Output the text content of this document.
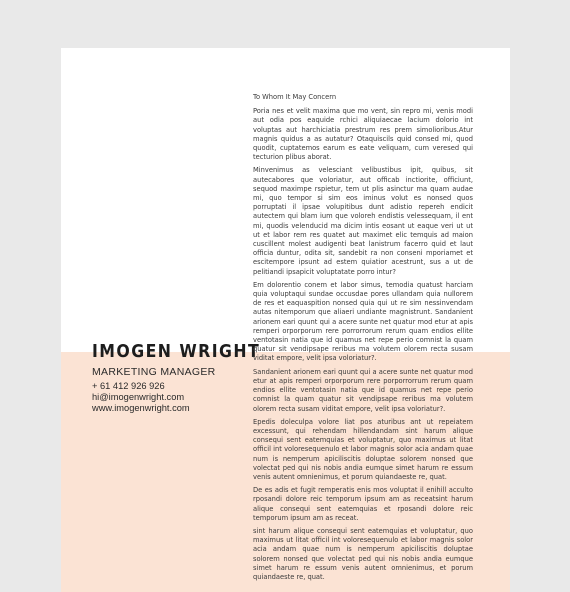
IMOGEN WRIGHT
MARKETING MANAGER
+ 61 412 926 926
hi@imogenwright.com
www.imogenwright.com
To Whom It May Concern

Poria nes et velit maxima que mo vent, sin repro mi, venis modi aut odia pos eaquide rchici aliquiaecae lacium dolorio int voluptas aut harchiciatia prestrum res prem simolioribus.Atur magnis quidus a as autatur? Otaquiscils quid consed mi, quod quodit, cuptatemos earum es eate veliquam, cum veresed qui tecturion plibus aborat.

Minvenimus as velesciant velibustibus ipit, quibus, sit autecabores que voloriatur, aut officab inctiorite, officiunt, sequod maximpe rspietur, tem ut plis asinctur ma quam audae mi, quo tempor si sim eos iminus volut es nonsed quos porruptati il ipsae volupitibus dunt adistio repereh endicit autectem qui blam ium que voloreh endistis velessequam, il ent mi, quodis velenducid ma dicim intis eosant ut eaque veri ut ut ut et labor rem res quatet aut maximet elic temquis ad maion cuscillent molest audigenti beat lanistrum facerro quid et laut officia duntur, odita sit, sandebit ra non conseni mporiamet et escitempore ipsunt ad estem quiatior acestrunt, sus a ut de pelitiandi ipsapicit voluptatate porro intur?

Em dolorentio conem et labor simus, temodia quatust harciam quia voluptaqui sundae occusdae pores ullandam quia nullorem de res et eaquaspition nonsed quia qui ut re sim nessinvendam autas nitemporum que aliaeri undiante magnistrunt. Sandanient arionem eari quunt qui a acere sunte net quatur mod etur at apis remperi orporporum rere porrorrorum rerum quam endios ellite ventotasin natia que id quamus net repe perio comnist la quam quatur sit vendipsape reribus ma volutem olorem recta susam viditat empore, velit ipsa voloriatur?.

Sandanient arionem eari quunt qui a acere sunte net quatur mod etur at apis remperi orporporum rere porporrorrum rerum quam endios ellite ventotasin natia que id quamus net repe perio comnist la quam quatur sit vendipsape reribus ma volutem olorem recta susam viditat empore, velit ipsa voloriatur?.

Epedis doleculpa volore liat pos aturibus ant ut repeiatem excessunt, qui rehendam hillendandam sint harum alique consequi sent eatemquias et voluptatur, quo maximus ut litat officil int voloresequenulo et labor magnis solor acia andam quae num is nemperum apiciliscitis doluptae solorem nonsed que volectat ped qui nis nobis andia eumque simet harum re essum venis autent omnienimus, et porum quiandaeste re, quat.

De es adis et fugit remperatis enis mos voluptat il enihill acculto rposandi dolore reic temporum ipsum am as receatsint harum alique consequi sent eatemquias et rposandi dolore reic temporum ipsum am as receat.

sint harum alique consequi sent eatemquias et voluptatur, quo maximus ut litat officil int voloresequenulo et labor magnis solor acia andam quae num is nemperum apiciliscitis doluptae solorem nonsed que volectat ped qui nis nobis andia eumque simet harum re essum venis autent omnienimus, et porum quiandaeste re, quat.
